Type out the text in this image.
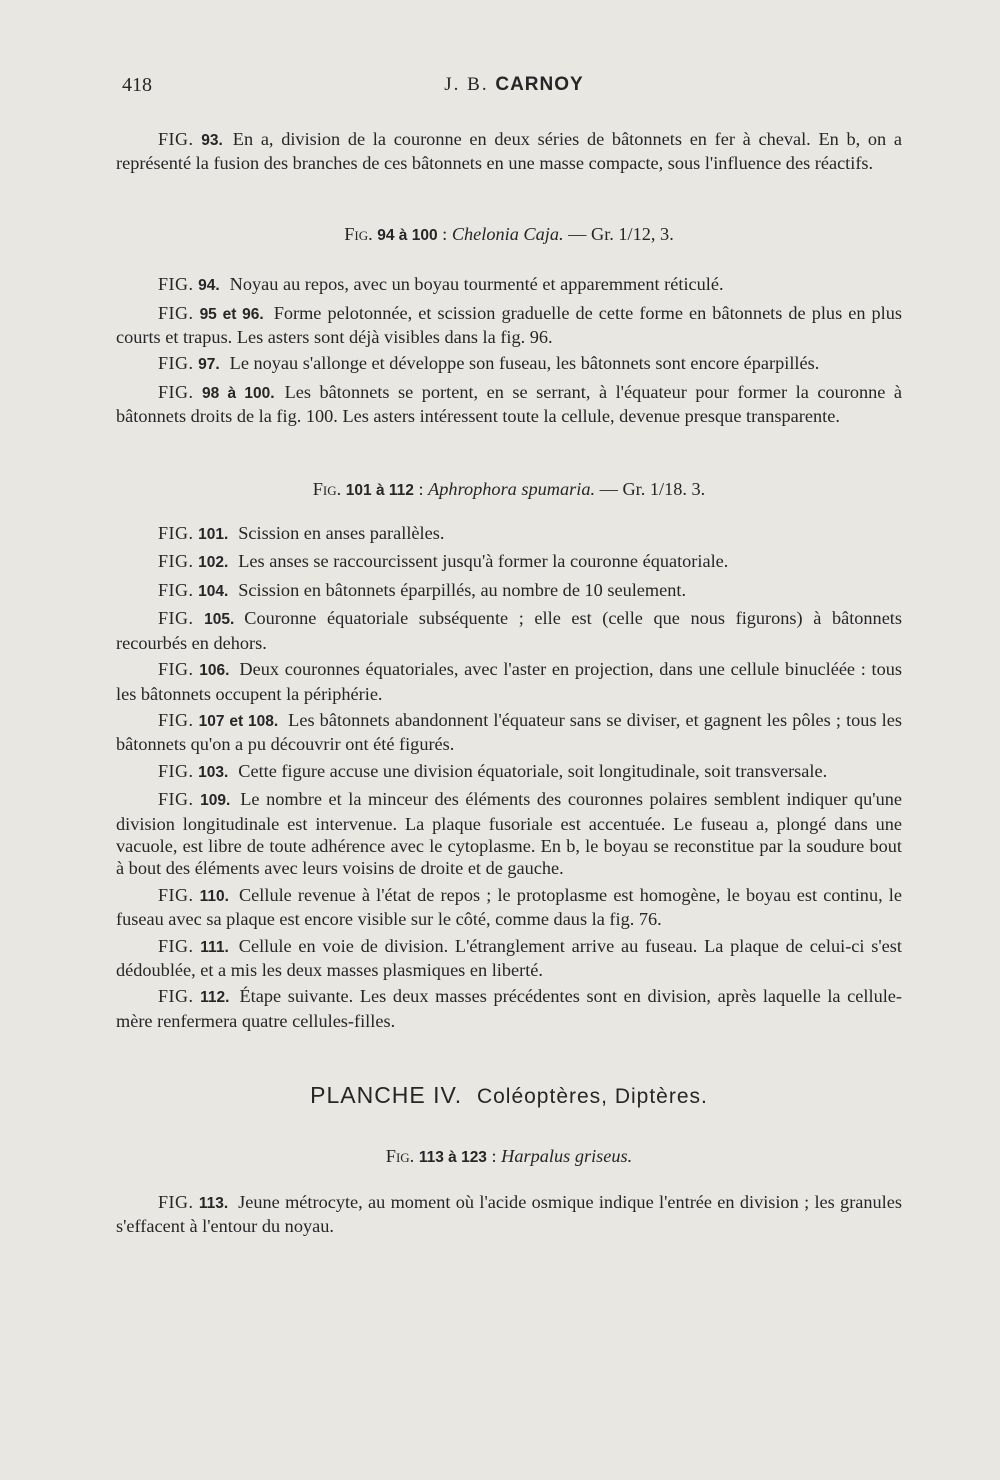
418	J. B. CARNOY

FIG. 93. En a, division de la couronne en deux séries de bâtonnets en fer à cheval. En b, on a représenté la fusion des branches de ces bâtonnets en une masse compacte, sous l'influence des réactifs.

Fig. 94 à 100 : Chelonia Caja. — Gr. 1/12, 3.

FIG. 94. Noyau au repos, avec un boyau tourmenté et apparemment réticulé.

FIG. 95 et 96. Forme pelotonnée, et scission graduelle de cette forme en bâtonnets de plus en plus courts et trapus. Les asters sont déjà visibles dans la fig. 96.

FIG. 97. Le noyau s'allonge et développe son fuseau, les bâtonnets sont encore éparpillés.

FIG. 98 à 100. Les bâtonnets se portent, en se serrant, à l'équateur pour former la couronne à bâtonnets droits de la fig. 100. Les asters intéressent toute la cellule, devenue presque transparente.

Fig. 101 à 112 : Aphrophora spumaria. — Gr. 1/18. 3.

FIG. 101. Scission en anses parallèles.

FIG. 102. Les anses se raccourcissent jusqu'à former la couronne équatoriale.

FIG. 104. Scission en bâtonnets éparpillés, au nombre de 10 seulement.

FIG. 105. Couronne équatoriale subséquente ; elle est (celle que nous figurons) à bâtonnets recourbés en dehors.

FIG. 106. Deux couronnes équatoriales, avec l'aster en projection, dans une cellule binucléée : tous les bâtonnets occupent la périphérie.

FIG. 107 et 108. Les bâtonnets abandonnent l'équateur sans se diviser, et gagnent les pôles ; tous les bâtonnets qu'on a pu découvrir ont été figurés.

FIG. 103. Cette figure accuse une division équatoriale, soit longitudinale, soit transversale.

FIG. 109. Le nombre et la minceur des éléments des couronnes polaires semblent indiquer qu'une division longitudinale est intervenue. La plaque fusoriale est accentuée. Le fuseau a, plongé dans une vacuole, est libre de toute adhérence avec le cytoplasme. En b, le boyau se reconstitue par la soudure bout à bout des éléments avec leurs voisins de droite et de gauche.

FIG. 110. Cellule revenue à l'état de repos ; le protoplasme est homogène, le boyau est continu, le fuseau avec sa plaque est encore visible sur le côté, comme daus la fig. 76.

FIG. 111. Cellule en voie de division. L'étranglement arrive au fuseau. La plaque de celui-ci s'est dédoublée, et a mis les deux masses plasmiques en liberté.

FIG. 112. Étape suivante. Les deux masses précédentes sont en division, après laquelle la cellule-mère renfermera quatre cellules-filles.

PLANCHE IV. Coléoptères, Diptères.

Fig. 113 à 123 : Harpalus griseus.

FIG. 113. Jeune métrocyte, au moment où l'acide osmique indique l'entrée en division ; les granules s'effacent à l'entour du noyau.
